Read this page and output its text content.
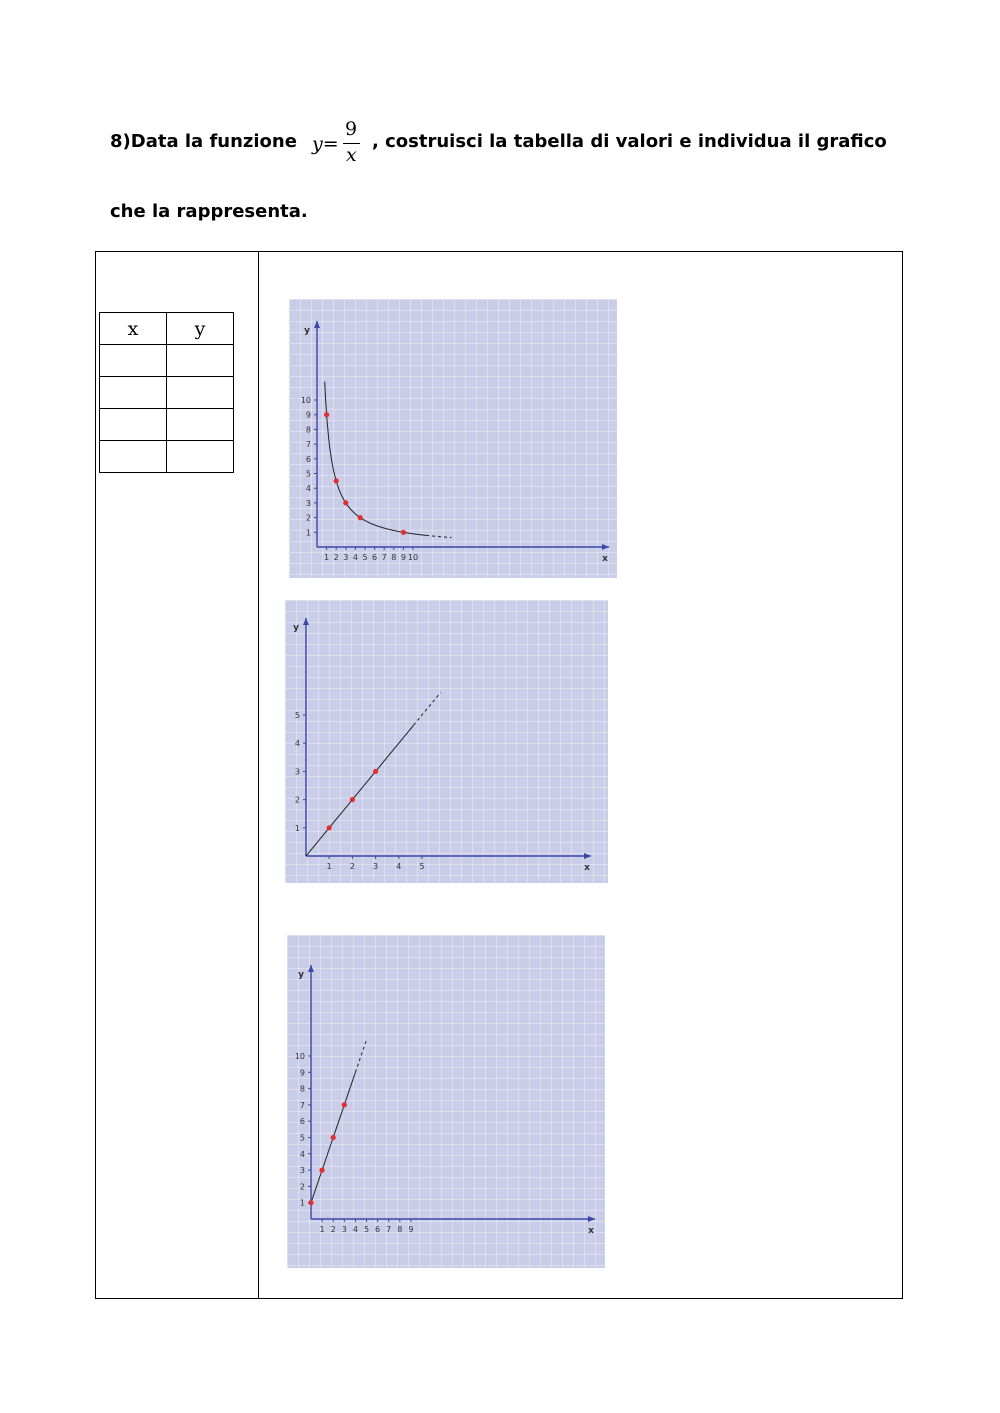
8)Data la funzione y=
9
x
, costruisci la tabella di valori e individua il grafico
che la rappresenta.
x	y

x
y
1 2 3 4 5 6 7 8 9 10
1
2
3
4
5
6
7
8
9
10
x
y
1 2 3 4 5
1
2
3
4
5
x
y
1 2 3 4 5 6 7 8 9
1
2
3
4
5
6
7
8
9
10
